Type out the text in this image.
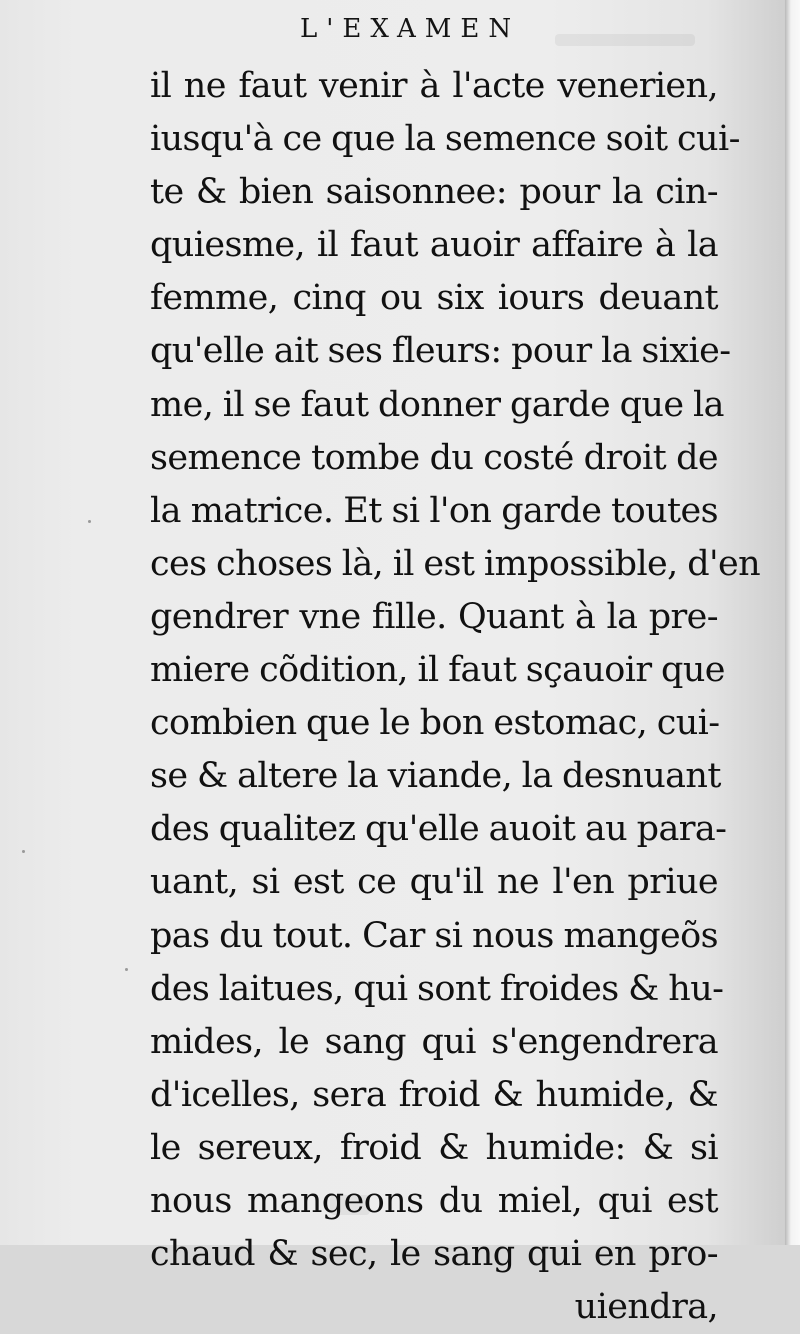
L'EXAMEN
il ne faut venir à l'acte venerien,
iusqu'à ce que la semence soit cui-
te & bien saisonnee: pour la cin-
quiesme, il faut auoir affaire à la
femme, cinq ou six iours deuant
qu'elle ait ses fleurs: pour la sixie-
me, il se faut donner garde que la
semence tombe du costé droit de
la matrice. Et si l'on garde toutes
ces choses là, il est impossible, d'en
gendrer vne fille. Quant à la pre-
miere cõdition, il faut sçauoir que
combien que le bon estomac, cui-
se & altere la viande, la desnuant
des qualitez qu'elle auoit au para-
uant, si est ce qu'il ne l'en priue
pas du tout. Car si nous mangeõs
des laitues, qui sont froides & hu-
mides, le sang qui s'engendrera
d'icelles, sera froid & humide, &
le sereux, froid & humide: & si
nous mangeons du miel, qui est
chaud & sec, le sang qui en pro-
uiendra,
